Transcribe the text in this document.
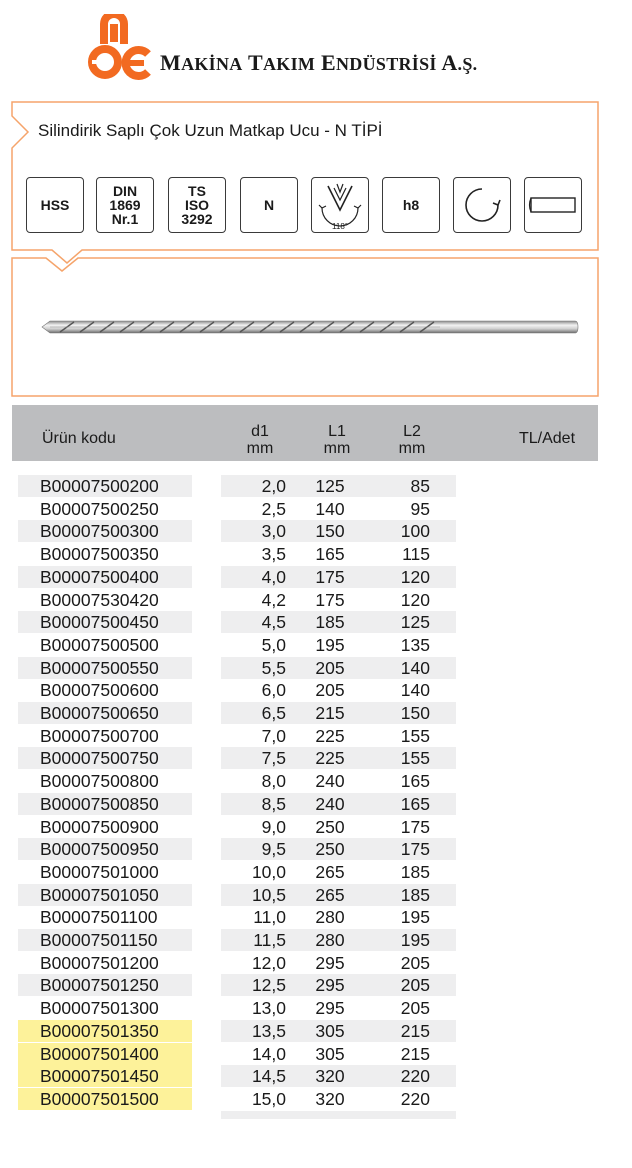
MAKİNA TAKIM ENDÜSTRİSİ A.Ş.
Silindirik Saplı Çok Uzun Matkap Ucu - N TİPİ
HSS
DIN
1869
Nr.1
TS
ISO
3292
N
118°
h8
Ürün kodu	d1
mm
L1
mm
L2
mm
TL/Adet
B00007500200	2,0	125	85
B00007500250	2,5	140	95
B00007500300	3,0	150	100
B00007500350	3,5	165	115
B00007500400	4,0	175	120
B00007530420	4,2	175	120
B00007500450	4,5	185	125
B00007500500	5,0	195	135
B00007500550	5,5	205	140
B00007500600	6,0	205	140
B00007500650	6,5	215	150
B00007500700	7,0	225	155
B00007500750	7,5	225	155
B00007500800	8,0	240	165
B00007500850	8,5	240	165
B00007500900	9,0	250	175
B00007500950	9,5	250	175
B00007501000	10,0	265	185
B00007501050	10,5	265	185
B00007501100	11,0	280	195
B00007501150	11,5	280	195
B00007501200	12,0	295	205
B00007501250	12,5	295	205
B00007501300	13,0	295	205
B00007501350	13,5	305	215
B00007501400	14,0	305	215
B00007501450	14,5	320	220
B00007501500	15,0	320	220
